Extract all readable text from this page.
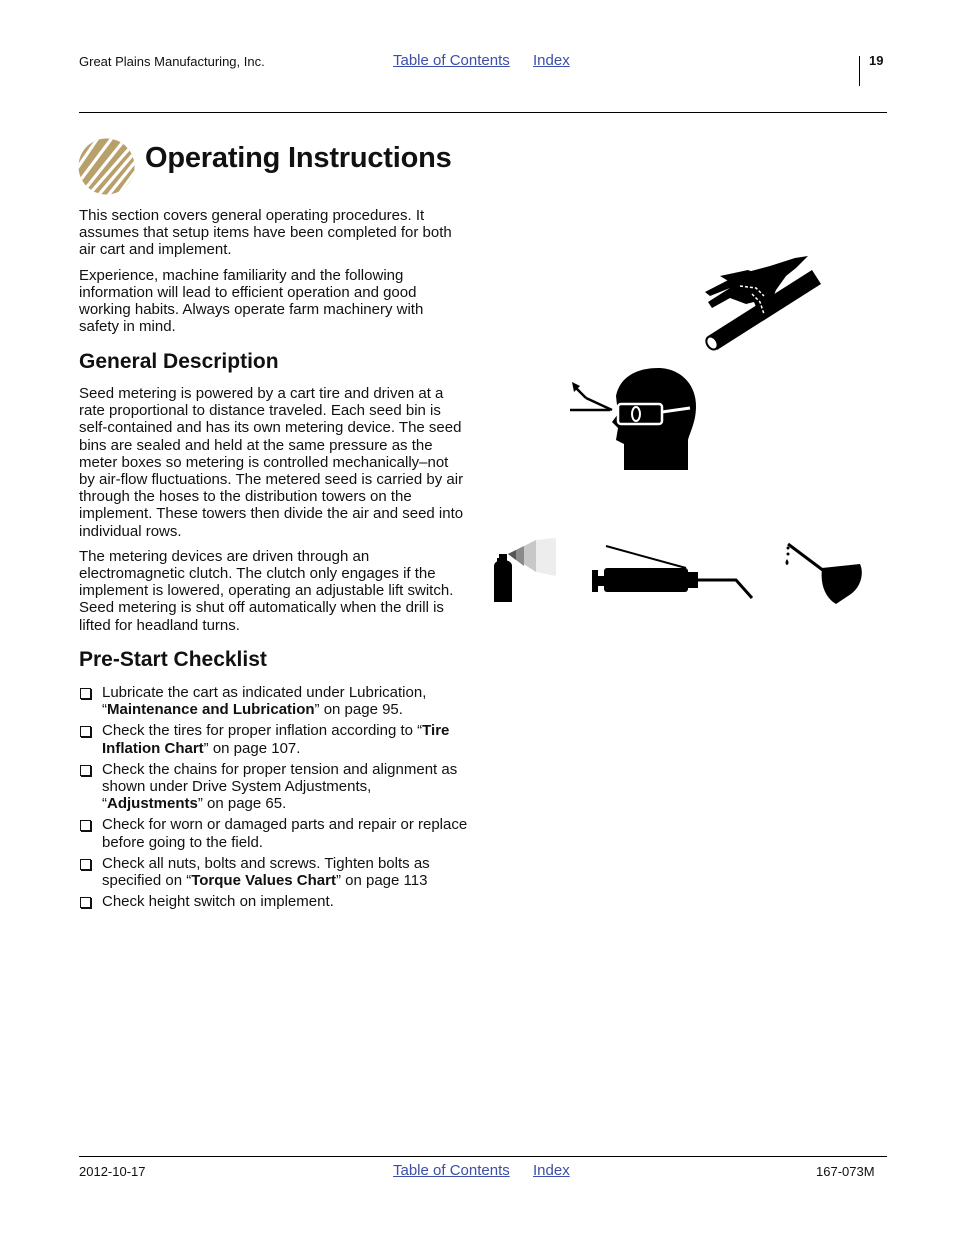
Great Plains Manufacturing, Inc.	Table of Contents Index	19
Operating Instructions

This section covers general operating procedures. It assumes that setup items have been completed for both air cart and implement.

Experience, machine familiarity and the following information will lead to efficient operation and good working habits. Always operate farm machinery with safety in mind.

General Description

Seed metering is powered by a cart tire and driven at a rate proportional to distance traveled. Each seed bin is self-contained and has its own metering device. The seed bins are sealed and held at the same pressure as the meter boxes so metering is controlled mechanically–not by air-flow fluctuations. The metered seed is carried by air through the hoses to the distribution towers on the implement. These towers then divide the air and seed into individual rows.

The metering devices are driven through an electromagnetic clutch. The clutch only engages if the implement is lowered, operating an adjustable lift switch. Seed metering is shut off automatically when the drill is lifted for headland turns.

Pre-Start Checklist
Lubricate the cart as indicated under Lubrication, “Maintenance and Lubrication” on page 95.
Check the tires for proper inflation according to “Tire Inflation Chart” on page 107.
Check the chains for proper tension and alignment as shown under Drive System Adjustments, “Adjustments” on page 65.
Check for worn or damaged parts and repair or replace before going to the field.
Check all nuts, bolts and screws. Tighten bolts as specified on “Torque Values Chart” on page 113
Check height switch on implement.
2012-10-17	Table of Contents Index	167-073M
